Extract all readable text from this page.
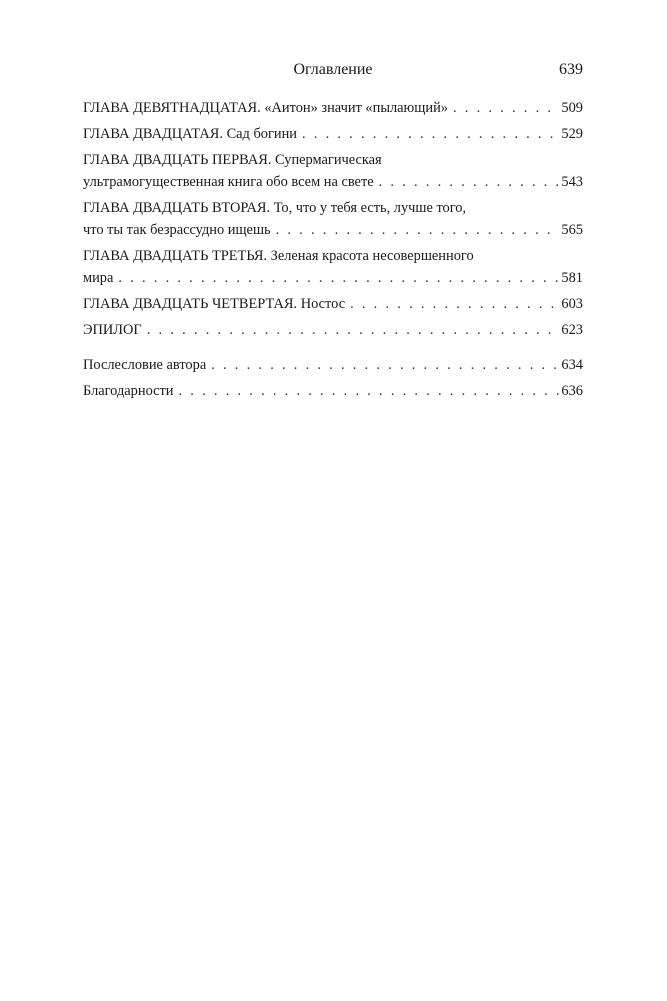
Оглавление	639
ГЛАВА ДЕВЯТНАДЦАТАЯ. «Аитон» значит «пылающий» . . .	509
ГЛАВА ДВАДЦАТАЯ. Сад богини . . .	529
ГЛАВА ДВАДЦАТЬ ПЕРВАЯ. Супермагическая
ультрамогущественная книга обо всем на свете . . .	543
ГЛАВА ДВАДЦАТЬ ВТОРАЯ. То, что у тебя есть, лучше того,
что ты так безрассудно ищешь . . .	565
ГЛАВА ДВАДЦАТЬ ТРЕТЬЯ. Зеленая красота несовершенного
мира . . .	581
ГЛАВА ДВАДЦАТЬ ЧЕТВЕРТАЯ. Ностос . . .	603
ЭПИЛОГ . . .	623
Послесловие автора . . .	634
Благодарности . . .	636
